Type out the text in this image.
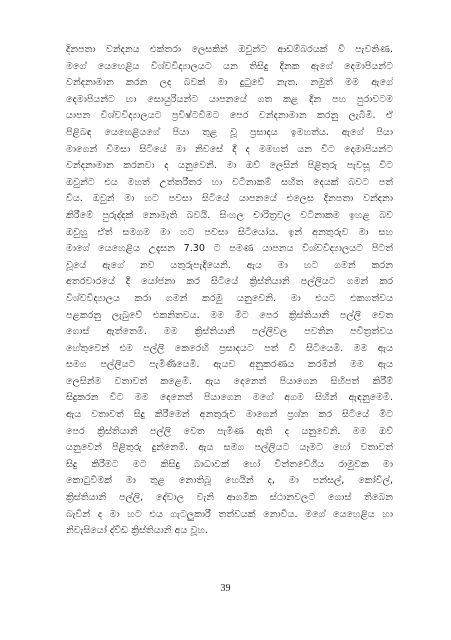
දිනපතා වන්දනය එක්තරා ලෙසකින් ඔවුන්ට ආඩම්බරයක් වී පැවතිණ.
මගේ යෙහෙළිය විශ්වවිද්‍යාලයට යන තිසිදු දිනක ඇගේ දෙමාපියන්ට
වන්දනාමාන කරන ලද බවක් මා දුටුවේ නැත. නමුත් මම ඇගේ
දෙමාපියන්ට හා සොයුරියන්ට යාපනයේ ගත කළ දින පහ පුරාවටම
යාපන විශ්වවිද්‍යාලයට ප්‍රවිෂ්ටවීමට පෙර වන්දනාමාන කරනු ලැබීමි. ඒ
පිළිබඳ යෙහෙළියගේ පියා තුළ වූ ප්‍රසාදය ඉමහත්ය. ඇගේ පියා
මාගෙන් විමසා සිටියේ මා නිවසේ දී ද මමහත් යන විට දෙමාපියන්ට
වන්දනාමාන කරනවා ද යනුවෙනි. මා ඔව් ලෙසින් පිළිතුරු පැවසූ විට
ඔවුන්ට එය මහත් උත්තරීතර හා වටිනාකම් සහිත දෙයක් බවට පත්
විය. ඔවුන් මා හට පවසා සිටියේ යාපනයේ එලෙස දිනපතා වන්දනා
කිරීමේ පුරුද්දක් නොමැති බවයි. සිංහල චාරිත්‍රවල වටිනාකම ඉහළ බව
ඔවුහු ඒත් සමගම මා හට පවසා සිටියෝය. ඉන් අනතුරුව මා සහ
මාගේ යෙහෙළිය උදැසන 7.30 ට පමණ යාපනය විශ්වවිද්‍යාලයට පිටත්
වූයේ ඇගේ නව යතුරුපැදියෙනි. ඇය මා හට ගමන් කරන
අතරවාරයේ දී යෝජනා කර සිටියේ ක්‍රිස්තියානි පල්ලියට ගමන් කර
විශ්වවිද්‍යාලය කරා ගමන් කරමු යනුවෙනි. මා එයට එකගත්වය
පළකරනු ලැබුවේ එකනිතවය. මම මීට පෙර ක්‍රිස්තියානි පල්ලි වෙත
ගොස් ඇත්තෙමි. මම ක්‍රිස්තියානි පල්ලිවල පවතින පවිත්‍රත්වය
හේතුවෙන් එම පල්ලි කෙරෙහි ප්‍රසාදයට පත් වී සිටියෙමි. මම ඇය
සමග පල්ලියට පැමිණියෙමි. ඇයව අනුකරණය කරමින් මම ඇය
ලෙසින්ම වතාවත් කළෙමි. ඇය දෙනෙත් පියාගෙන සිහිපත් කිරීම්
සිදුකරන විට මම දෙනෙත් පියාගෙන මගේ අගම සිහින් ඇඳනුමෙමි.
ඇය වතාවත් සිදු කිරීමෙන් අනතුරුව මාගෙන් ප්‍රශ්න කර සිටියේ මීට
පෙර ක්‍රිස්තියානි පල්ලි වෙත පැමිණ ඇති ද යනුවෙනි. මම ඔව්
යනුවෙන් පිළිතුරු දුන්නෙමි. ඇය සමග පල්ලියට යෑමට හෝ වතාවත්
සිදු කිරීමට මට කිසිදු බාධාවක් හෝ විත්තවේගීය රාමුවක මා
කොටුවීමක් මා තුළ නොතිබූ හෙයින් ද, මා පන්සල්, කෝවිල්,
ක්‍රිස්තියානි පල්ලි, දේවාල වැනි ආගමික ස්ථානවලට ගොස් තිබෙන
බැවින් ද මා හට එය ගැටලුකාරී තත්වයක් නොවීය. මගේ යෙහෙළිය හා
නිවැසියෝ ද්විඩ ක්‍රිස්තියානි අය වූහ.
39
